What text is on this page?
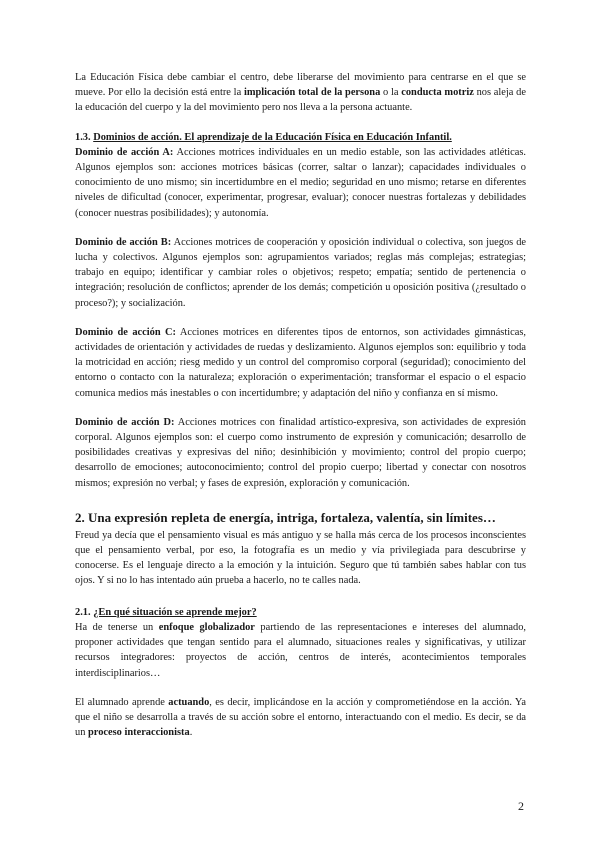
La Educación Física debe cambiar el centro, debe liberarse del movimiento para centrarse en el que se mueve. Por ello la decisión está entre la implicación total de la persona o la conducta motriz nos aleja de la educación del cuerpo y la del movimiento pero nos lleva a la persona actuante.

1.3. Dominios de acción. El aprendizaje de la Educación Física en Educación Infantil.

Dominio de acción A: Acciones motrices individuales en un medio estable, son las actividades atléticas. Algunos ejemplos son: acciones motrices básicas (correr, saltar o lanzar); capacidades individuales o conocimiento de uno mismo; sin incertidumbre en el medio; seguridad en uno mismo; retarse en diferentes niveles de dificultad (conocer, experimentar, progresar, evaluar); conocer nuestras fortalezas y debilidades (conocer nuestras posibilidades); y autonomía.

Dominio de acción B: Acciones motrices de cooperación y oposición individual o colectiva, son juegos de lucha y colectivos. Algunos ejemplos son: agrupamientos variados; reglas más complejas; estrategias; trabajo en equipo; identificar y cambiar roles o objetivos; respeto; empatía; sentido de pertenencia o integración; resolución de conflictos; aprender de los demás; competición u oposición positiva (¿resultado o proceso?); y socialización.

Dominio de acción C: Acciones motrices en diferentes tipos de entornos, son actividades gimnásticas, actividades de orientación y actividades de ruedas y deslizamiento. Algunos ejemplos son: equilibrio y toda la motricidad en acción; riesg medido y un control del compromiso corporal (seguridad); conocimiento del entorno o contacto con la naturaleza; exploración o experimentación; transformar el espacio o el espacio comunica medios más inestables o con incertidumbre; y adaptación del niño y confianza en sí mismo.

Dominio de acción D: Acciones motrices con finalidad artístico-expresiva, son actividades de expresión corporal. Algunos ejemplos son: el cuerpo como instrumento de expresión y comunicación; desarrollo de posibilidades creativas y expresivas del niño; desinhibición y movimiento; control del propio cuerpo; desarrollo de emociones; autoconocimiento; control del propio cuerpo; libertad y conectar con nosotros mismos; expresión no verbal; y fases de expresión, exploración y comunicación.

2. Una expresión repleta de energía, intriga, fortaleza, valentía, sin límites…

Freud ya decía que el pensamiento visual es más antiguo y se halla más cerca de los procesos inconscientes que el pensamiento verbal, por eso, la fotografía es un medio y vía privilegiada para descubrirse y conocerse. Es el lenguaje directo a la emoción y la intuición. Seguro que tú también sabes hablar con tus ojos. Y si no lo has intentado aún prueba a hacerlo, no te calles nada.

2.1. ¿En qué situación se aprende mejor?

Ha de tenerse un enfoque globalizador partiendo de las representaciones e intereses del alumnado, proponer actividades que tengan sentido para el alumnado, situaciones reales y significativas, y utilizar recursos integradores: proyectos de acción, centros de interés, acontecimientos temporales interdisciplinarios…

El alumnado aprende actuando, es decir, implicándose en la acción y comprometiéndose en la acción. Ya que el niño se desarrolla a través de su acción sobre el entorno, interactuando con el medio. Es decir, se da un proceso interaccionista.

2
